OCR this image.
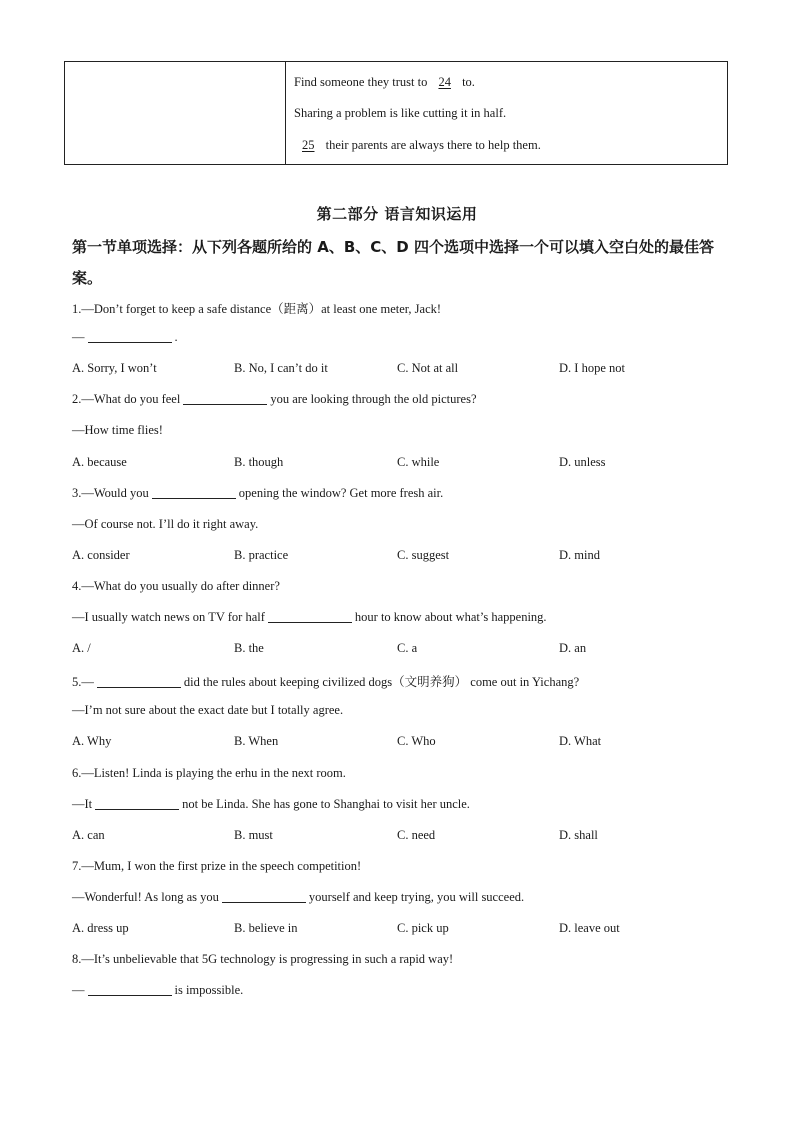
Find someone they trust to 24 to.
Sharing a problem is like cutting it in half.
25 their parents are always there to help them.
第二部分 语言知识运用
第一节单项选择：从下列各题所给的 A、B、C、D 四个选项中选择一个可以填入空白处的最佳答案。
1.—Don’t forget to keep a safe distance（距离）at least one meter, Jack!
—	.
A. Sorry, I won’t	B. No, I can’t do it	C. Not at all	D. I hope not
2.—What do you feel	you are looking through the old pictures?
—How time flies!
A. because	B. though	C. while	D. unless
3.—Would you	opening the window? Get more fresh air.
—Of course not. I’ll do it right away.
A. consider	B. practice	C. suggest	D. mind
4.—What do you usually do after dinner?
—I usually watch news on TV for half	hour to know about what’s happening.
A. /	B. the	C. a	D. an
5.—	did the rules about keeping civilized dogs（文明养狗） come out in Yichang?
—I’m not sure about the exact date but I totally agree.
A. Why	B. When	C. Who	D. What
6.—Listen! Linda is playing the erhu in the next room.
—It	not be Linda. She has gone to Shanghai to visit her uncle.
A. can	B. must	C. need	D. shall
7.—Mum, I won the first prize in the speech competition!
—Wonderful! As long as you	yourself and keep trying, you will succeed.
A. dress up	B. believe in	C. pick up	D. leave out
8.—It’s unbelievable that 5G technology is progressing in such a rapid way!
—	is impossible.
